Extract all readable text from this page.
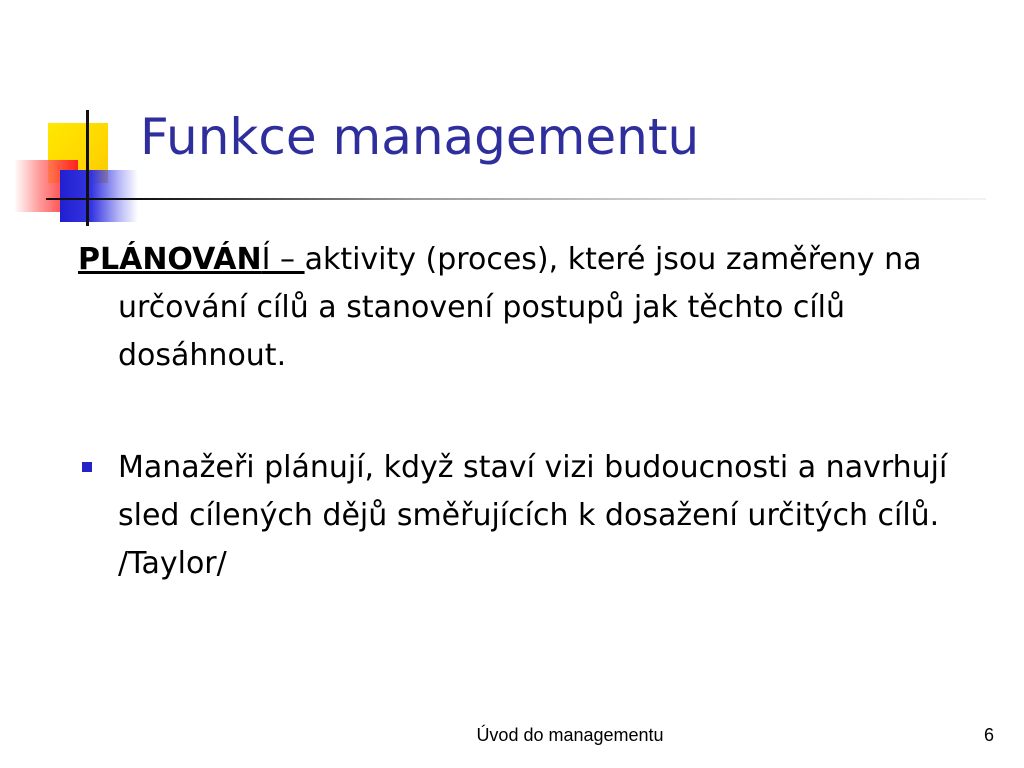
Funkce managementu

PLÁNOVÁNÍ – aktivity (proces), které jsou zaměřeny na určování cílů a stanovení postupů jak těchto cílů dosáhnout.

Manažeři plánují, když staví vizi budoucnosti a navrhují sled cílených dějů směřujících k dosažení určitých cílů. /Taylor/

Úvod do managementu	6
